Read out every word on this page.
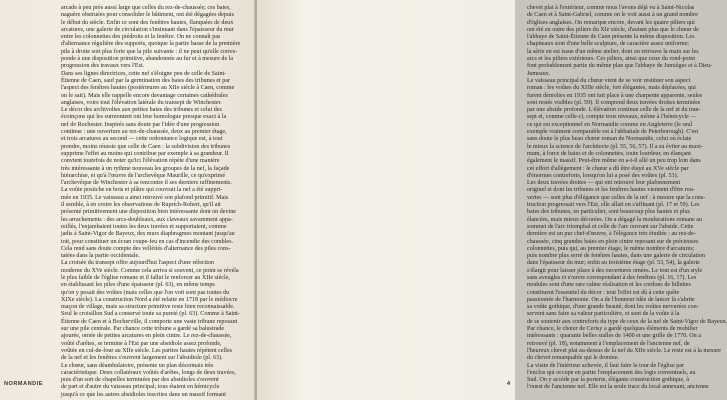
arcade à peu près aussi large que celles du rez-de-chaussée; ces baies,
naguère obstruées pour consolider le bâtiment, ont été dégagées depuis
le début du siècle. Enfin ce sont des fenêtres hautes, flanquées de deux
arcatures, une galerie de circulation s'insinuant dans l'épaisseur du mur
entre les colonnettes des piédroits et la fenêtre. On ne connaît pas
d'alternance régulière des supports, quoique la partie basse de la première
pile à droite soit plus forte que la pile suivante : il ne peut qu'elle corres-
ponde à une disposition primitive, abandonnée au fur et à mesure de la
progression des travaux vers l'Est.
Dans ses lignes directrices, cette nef s'éloigne peu de celle de Saint-
Étienne de Caen, sauf par la germination des baies des tribunes et par
l'aspect des fenêtres hautes (postérieures au XIIe siècle à Caen, comme
on le sait). Mais elle rappelle encore davantage certaines cathédrales
anglaises, voire tout l'élévation latérale du transept de Winchester.
Le décor des archivoltes aux petites baies des tribunes et celui des
écoinçons qui les surmontent ont leur homologue presque exact à la
nef de Rochester. Inspirés sans doute par l'idée d'une progression
continue : une ouverture au rez-de-chaussée, deux au premier étage,
et trois arcatures au second — cette ordonnance logique est, à tout
prendre, moins réussie que celle de Caen : la subdivision des tribunes
supprime l'effet au moins qui contribue par exemple à sa grandeur. Il
convient toutefois de noter qu'ici l'élévation répète d'une manière
très intéressante à un rythme nouveau les groupes de la nef, la façade
hiérarchise, et qu'à l'œuvre de l'archevêque Maurille, ce qu'exprimé
l'archevêque de Winchester à sa rencontre il ses derniers raffinements.
La voûte postiche en bois et plâtre qui couvrait la nef a été suppri-
mée en 1935. Le vaisseau a ainsi retrouvé son plafond primitif. Mais
il semble, à en croire les observations de Ruprich-Robert, qu'il ait
présenté primitivement une disposition bien intéressante dont on devine
les arrachements : des arcs-doubleaux, aux claveaux savamment appa-
reillés, l'enjambaient toutes les deux travées et supportaient, comme
jadis à Saint-Vigor de Bayeux, des murs diaphragmes montant jusqu'au
toit, pour constituer un écran coupe-feu en cas d'incendie des combles.
Cela rend sans doute compte des vellèités d'alternance des piles cons-
tatées dans la partie occidentale.
La croisée du transept offre aujourd'hui l'aspect d'une réfection
moderne du XVe siècle. Comme cela arriva si souvent, ce point se révéla
le plus faible de l'église romane et il fallut le renforcer au XIIe siècle,
en établissant les piles d'une épaisseur (pl. 63), en même temps
qu'on y posait des voûtes (mais celles que l'on voit sont pas toutes du
XIXe siècle). La construction Nord a été refaite en 1718 par le médiocre
maçon de village, mais sa structure primitive reste bien reconnaissable.
Seul le croisillon Sud a conservé toute sa pureté (pl. 63). Comme à Saint-
Étienne de Caen et à Bocherville, il comporte une vaste tribune reposant
sur une pile centrale. Par chance cette tribune a gardé sa balustrade
ajourée, ornée de petites arcatures en plein cintre. Le rez-de-chaussée,
voûté d'arêtes, se termine à l'Est par une absidiole assez profonde,
voûtée en cul-de-four au XIIe siècle. Les parties hautes répètent celles
de la nef et les fenêtres s'ouvrent largement sur l'absidiole (pl. 63).
Le chœur, sans déambulatoire, présente un plan désormais très
caractéristique. Deux collatéraux voûtés d'arêtes, longs de deux travées,
puis d'un sort de chapelles terminées par des absidioles s'ouvrent
de part et d'autre du vaisseau principal; tous étaient en hémicycle
jusqu'à ce que les autres absidioles inscrites dans un massif formant
NORMANDIE
chevet plat à l'extérieur, comme nous l'avons déjà vu à Saint-Nicolas
de Caen et à Saint-Gabriel, comme on le voit aussi à un grand nombre
d'églises anglaises. On remarque encore, devant les quatre piliers qui
ont été en outre des piliers du XIe siècle, d'autant plus que le chœur de
l'abbaye de Saint-Étienne de Caen présente la même disposition. Les
chapiteaux sont d'une belle sculpture, de caractère assez uniforme;
la série en est issue d'un même atelier, dont on retrouve la main sur les
arcs et les piliers extérieurs. Ces piliers, ainsi que ceux du rond-point
font probablement partie du même plan que l'abbaye de Jumièges et à Dieu-
Jumeaux.
Le vaisseau principal du chœur vient de se voir restituer son aspect
roman : les voûtes du XIIIe siècle, fort élégantes, mais déplacées, qui
furent démolies en 1935 ont fait place à une charpente apparente, seules
sont restés visibles (pl. 59). Il comprend deux travées droites terminées
par une abside profonde. L'élévation continue celle de la nef et du tran-
sept et, comme celle-ci, compte trois niveaux, même à l'hémicycle —
ce qui est exceptionnel en Normandie comme en Angleterre (le seul
exemple vraiment comparable est à l'abbatiale de Peterborough). C'est
sans doute le plus beau chœur roman de Normandie, celui où éclate
le mieux la science de l'architecte (pl. 55, 56, 57). Il a su éviter au maxi-
mum, à force de baies et de colonnettes, toute lourdeur, en élançant
également le massif. Peut-être même en a-t-il allé un peu trop loin dans
cet effort d'allégement : le chœur a dû être étayé au XVe siècle par
d'énormes contreforts, lorsqu'on lui a posé des voûtes (pl. 53).
Les deux travées droites — qui ont retrouvé leur plafonnement
originel et dont les tribunes et les fenêtres hautes viennent d'être rou-
vertes — sont plus d'élégance que celles de la nef : à mesure que la cons-
truction progressait vers l'Est, elle allait en s'affinant (pl. 17 et 59). Les
baies des tribunes, en particulier, sont beaucoup plus hautes et plus
élancées, mais mieux décorées. On a dégagé la moulurations romane au
sommet de l'arc triomphal et celle de l'arc ouvrant sur l'abside. Cette
dernière est un pur chef-d'œuvre, à l'élégance très étudiée : au rez-de-
chaussée, cinq grandes baies en plein cintre reposant sur de précieuses
colonnettes, puis qui, au premier étage, le même nombre d'arcatures;
puis nombre plus serré de fenêtres hautes, dans une galerie de circulation
dans l'épaisseur du mur; enfin au troisième étage (pl. 53, 54), la galerie
s'élargit pour laisser place à des ouvertures ornées. Le tout est d'un style
sans aveugles et s'ouvre correspondant à des fenêtres (pl. 16, 17). Les
modules sont d'une rare calme réalisation et les cordons de billettes
constituent l'essentiel du décor : tout l'effet est dû à cette quête
passionnée de l'harmonie. On a de l'honneur idée de lancer là s'abrite
sa voûte gothique, d'une grande beauté, dont les voûtes nervurées con-
servent sans faire sa valeur particulière, et sont de la voûte à la
de se soutenir aux contreforts du type de ceux de la nef de Saint-Vigor de Bayeux.
Par chance, le chœur de Cerisy a gardé quelques éléments de mobilier
intéressants : quarante belles stalles de 1400 et une grille de 1770. On a
retrouvé (pl. 18), notamment à l'emplacement de l'ancienne nef, de
l'heureux chevet plat au-dessus de la nef du XIIe siècle. Le reste est à la mesure
du chevet remarquable qui le domine.
La visite de l'intérieur achevée, il faut faire le tour de l'église par
l'enclos qui occupe en partie l'emplacement des logis conventuels, au
Sud. On y accède par la porterie, élégante construction gothique, à
l'ouest de l'ancienne nef. Elle est la seule trace du local annexant, ancienne
4
